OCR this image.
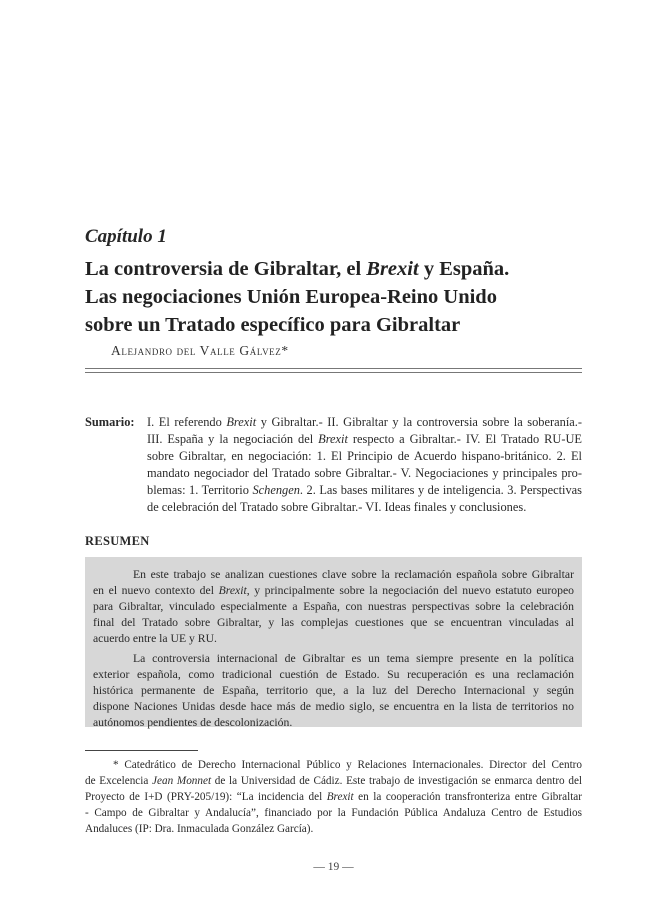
Capítulo 1
La controversia de Gibraltar, el Brexit y España.
Las negociaciones Unión Europea-Reino Unido
sobre un Tratado específico para Gibraltar
Alejandro del Valle Gálvez*
Sumario: I. El referendo Brexit y Gibraltar.- II. Gibraltar y la controversia sobre la soberanía.-
III. España y la negociación del Brexit respecto a Gibraltar.- IV. El Tratado RU-UE
sobre Gibraltar, en negociación: 1. El Principio de Acuerdo hispano-británico. 2. El
mandato negociador del Tratado sobre Gibraltar.- V. Negociaciones y principales pro-
blemas: 1. Territorio Schengen. 2. Las bases militares y de inteligencia. 3. Perspectivas
de celebración del Tratado sobre Gibraltar.- VI. Ideas finales y conclusiones.
RESUMEN
En este trabajo se analizan cuestiones clave sobre la reclamación española sobre Gibraltar
en el nuevo contexto del Brexit, y principalmente sobre la negociación del nuevo estatuto europeo
para Gibraltar, vinculado especialmente a España, con nuestras perspectivas sobre la celebración
final del Tratado sobre Gibraltar, y las complejas cuestiones que se encuentran vinculadas al
acuerdo entre la UE y RU.
La controversia internacional de Gibraltar es un tema siempre presente en la política
exterior española, como tradicional cuestión de Estado. Su recuperación es una reclamación
histórica permanente de España, territorio que, a la luz del Derecho Internacional y según
dispone Naciones Unidas desde hace más de medio siglo, se encuentra en la lista de territorios no
autónomos pendientes de descolonización.
* Catedrático de Derecho Internacional Público y Relaciones Internacionales. Director del Centro
de Excelencia Jean Monnet de la Universidad de Cádiz. Este trabajo de investigación se enmarca dentro del
Proyecto de I+D (PRY-205/19): “La incidencia del Brexit en la cooperación transfronteriza entre Gibraltar
- Campo de Gibraltar y Andalucía”, financiado por la Fundación Pública Andaluza Centro de Estudios
Andaluces (IP: Dra. Inmaculada González García).
— 19 —
